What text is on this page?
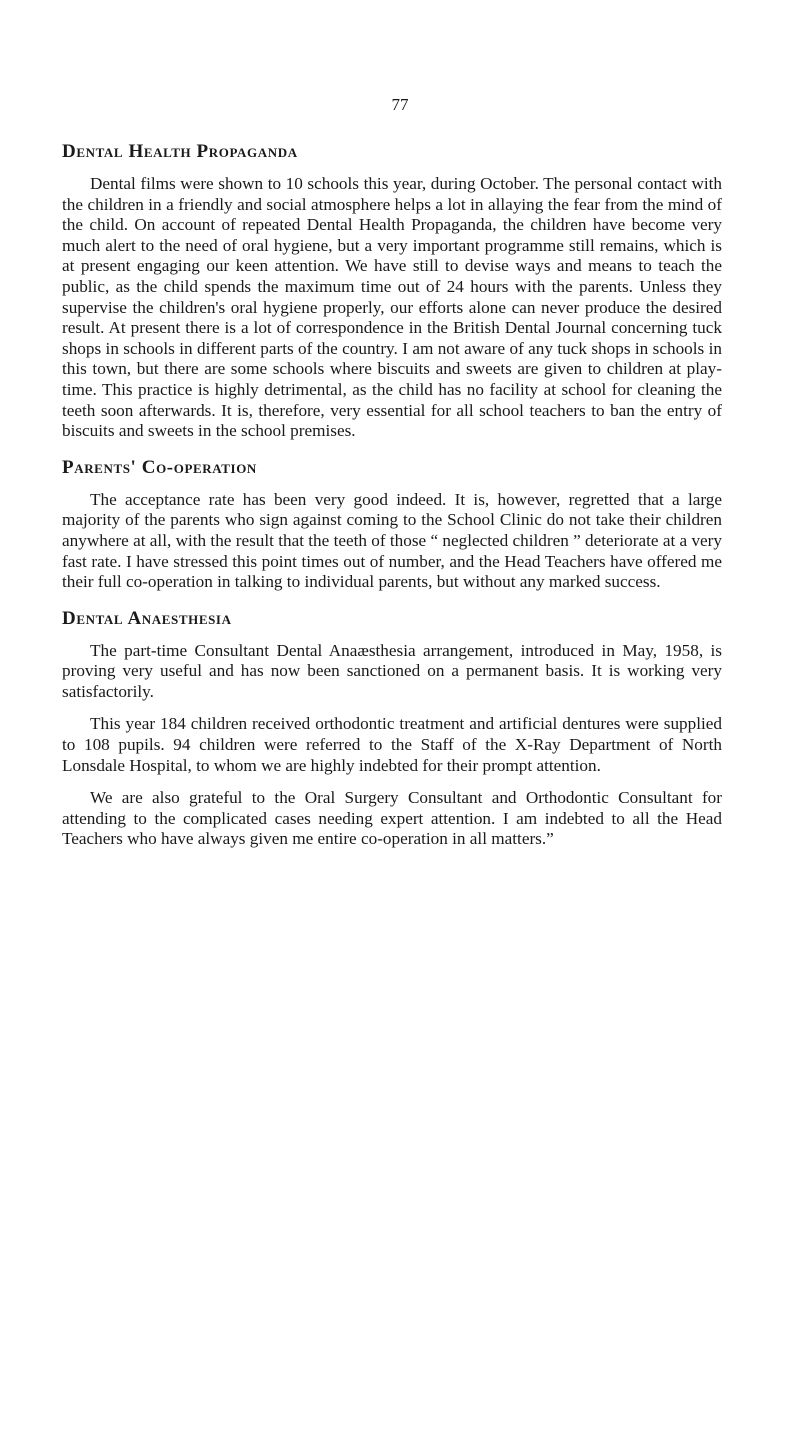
77
Dental Health Propaganda

Dental films were shown to 10 schools this year, during October. The personal contact with the children in a friendly and social atmosphere helps a lot in allaying the fear from the mind of the child. On account of repeated Dental Health Propaganda, the children have become very much alert to the need of oral hygiene, but a very important programme still remains, which is at present engaging our keen attention. We have still to devise ways and means to teach the public, as the child spends the maximum time out of 24 hours with the parents. Unless they supervise the children's oral hygiene properly, our efforts alone can never produce the desired result. At present there is a lot of correspondence in the British Dental Journal concerning tuck shops in schools in different parts of the country. I am not aware of any tuck shops in schools in this town, but there are some schools where biscuits and sweets are given to children at play-time. This practice is highly detrimental, as the child has no facility at school for cleaning the teeth soon afterwards. It is, therefore, very essential for all school teachers to ban the entry of biscuits and sweets in the school premises.

Parents' Co-operation

The acceptance rate has been very good indeed. It is, however, regretted that a large majority of the parents who sign against coming to the School Clinic do not take their children anywhere at all, with the result that the teeth of those “ neglected children ” deteriorate at a very fast rate. I have stressed this point times out of number, and the Head Teachers have offered me their full co-operation in talking to individual parents, but without any marked success.

Dental Anaesthesia

The part-time Consultant Dental Anaæsthesia arrangement, introduced in May, 1958, is proving very useful and has now been sanctioned on a permanent basis. It is working very satisfactorily.

This year 184 children received orthodontic treatment and artificial dentures were supplied to 108 pupils. 94 children were referred to the Staff of the X-Ray Department of North Lonsdale Hospital, to whom we are highly indebted for their prompt attention.

We are also grateful to the Oral Surgery Consultant and Orthodontic Consultant for attending to the complicated cases needing expert attention. I am indebted to all the Head Teachers who have always given me entire co-operation in all matters.”
